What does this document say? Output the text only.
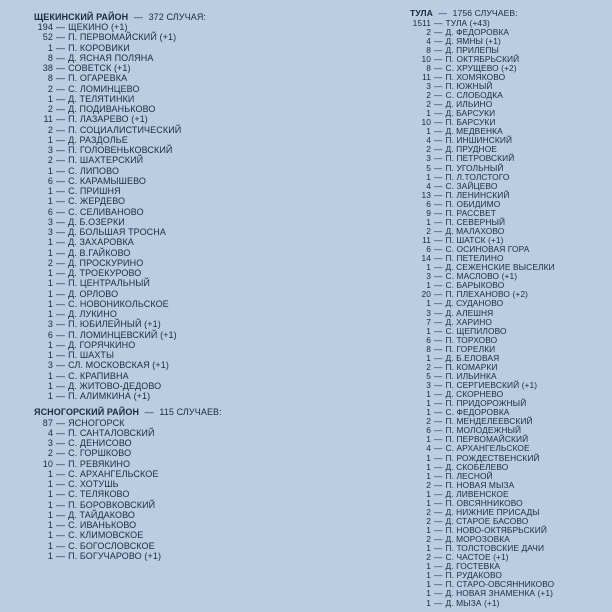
ЩЕКИНСКИЙ РАЙОН — 372 СЛУЧАЯ:
194 — ЩЕКИНО (+1)
52 — П. ПЕРВОМАЙСКИЙ (+1)
1 — П. КОРОВИКИ
8 — Д. ЯСНАЯ ПОЛЯНА
38 — СОВЕТСК (+1)
8 — П. ОГАРЕВКА
2 — С. ЛОМИНЦЕВО
1 — Д. ТЕЛЯТИНКИ
2 — Д. ПОДИВАНЬКОВО
11 — П. ЛАЗАРЕВО (+1)
2 — П. СОЦИАЛИСТИЧЕСКИЙ
1 — Д. РАЗДОЛЬЕ
3 — П. ГОЛОВЕНЬКОВСКИЙ
2 — П. ШАХТЕРСКИЙ
1 — С. ЛИПОВО
6 — С. КАРАМЫШЕВО
1 — С. ПРИШНЯ
1 — С. ЖЕРДЕВО
6 — С. СЕЛИВАНОВО
3 — Д. Б.ОЗЕРКИ
3 — Д. БОЛЬШАЯ ТРОСНА
1 — Д. ЗАХАРОВКА
1 — Д. В.ГАЙКОВО
2 — Д. ПРОСКУРИНО
1 — Д. ТРОЕКУРОВО
1 — П. ЦЕНТРАЛЬНЫЙ
1 — Д. ОРЛОВО
1 — С. НОВОНИКОЛЬСКОЕ
1 — Д. ЛУКИНО
3 — П. ЮБИЛЕЙНЫЙ (+1)
6 — П. ЛОМИНЦЕВСКИЙ (+1)
1 — Д. ГОРЯЧКИНО
1 — П. ШАХТЫ
3 — СЛ. МОСКОВСКАЯ (+1)
1 — С. КРАПИВНА
1 — Д. ЖИТОВО-ДЕДОВО
1 — П. АЛИМКИНА (+1)
ЯСНОГОРСКИЙ РАЙОН — 115 СЛУЧАЕВ:
87 — ЯСНОГОРСК
4 — П. САНТАЛОВСКИЙ
3 — С. ДЕНИСОВО
2 — С. ГОРШКОВО
10 — П. РЕВЯКИНО
1 — С. АРХАНГЕЛЬСКОЕ
1 — С. ХОТУШЬ
1 — С. ТЕЛЯКОВО
1 — П. БОРОВКОВСКИЙ
1 — Д. ТАЙДАКОВО
1 — С. ИВАНЬКОВО
1 — С. КЛИМОВСКОЕ
1 — С. БОГОСЛОВСКОЕ
1 — П. БОГУЧАРОВО (+1)
ТУЛА — 1756 СЛУЧАЕВ:
1511 — ТУЛА (+43)
2 — Д. ФЕДОРОВКА
4 — Д. ЯМНЫ (+1)
8 — Д. ПРИЛЕПЫ
10 — П. ОКТЯБРЬСКИЙ
8 — С. ХРУЩЕВО (+2)
11 — П. ХОМЯКОВО
3 — П. ЮЖНЫЙ
2 — С. СЛОБОДКА
2 — Д. ИЛЬИНО
1 — Д. БАРСУКИ
10 — П. БАРСУКИ
1 — Д. МЕДВЕНКА
4 — П. ИНШИНСКИЙ
2 — Д. ПРУДНОЕ
3 — П. ПЕТРОВСКИЙ
5 — П. УГОЛЬНЫЙ
1 — П. Л.ТОЛСТОГО
4 — С. ЗАЙЦЕВО
13 — П. ЛЕНИНСКИЙ
6 — П. ОБИДИМО
9 — П. РАССВЕТ
1 — П. СЕВЕРНЫЙ
2 — Д. МАЛАХОВО
11 — П. ШАТСК (+1)
6 — С. ОСИНОВАЯ ГОРА
14 — П. ПЕТЕЛИНО
1 — Д. СЕЖЕНСКИЕ ВЫСЕЛКИ
3 — С. МАСЛОВО (+1)
1 — С. БАРЫКОВО
20 — П. ПЛЕХАНОВО (+2)
1 — Д. СУДАНОВО
3 — Д. АЛЕШНЯ
7 — Д. ХАРИНО
1 — С. ЩЕПИЛОВО
6 — П. ТОРХОВО
8 — П. ГОРЕЛКИ
1 — Д. Б.ЕЛОВАЯ
2 — П. КОМАРКИ
5 — П. ИЛЬИНКА
3 — П. СЕРГИЕВСКИЙ (+1)
1 — Д. СКОРНЕВО
1 — П. ПРИДОРОЖНЫЙ
1 — С. ФЕДОРОВКА
2 — П. МЕНДЕЛЕЕВСКИЙ
6 — П. МОЛОДЕЖНЫЙ
1 — П. ПЕРВОМАЙСКИЙ
4 — С. АРХАНГЕЛЬСКОЕ
1 — П. РОЖДЕСТВЕНСКИЙ
1 — Д. СКОБЕЛЕВО
1 — П. ЛЕСНОЙ
2 — П. НОВАЯ МЫЗА
1 — Д. ЛИВЕНСКОЕ
1 — П. ОВСЯННИКОВО
2 — Д. НИЖНИЕ ПРИСАДЫ
2 — Д. СТАРОЕ БАСОВО
1 — П. НОВО-ОКТЯБРЬСКИЙ
2 — Д. МОРОЗОВКА
1 — П. ТОЛСТОВСКИЕ ДАЧИ
2 — С. ЧАСТОЕ (+1)
1 — Д. ГОСТЕВКА
1 — П. РУДАКОВО
1 — П. СТАРО-ОВСЯННИКОВО
1 — Д. НОВАЯ ЗНАМЕНКА (+1)
1 — Д. МЫЗА (+1)
